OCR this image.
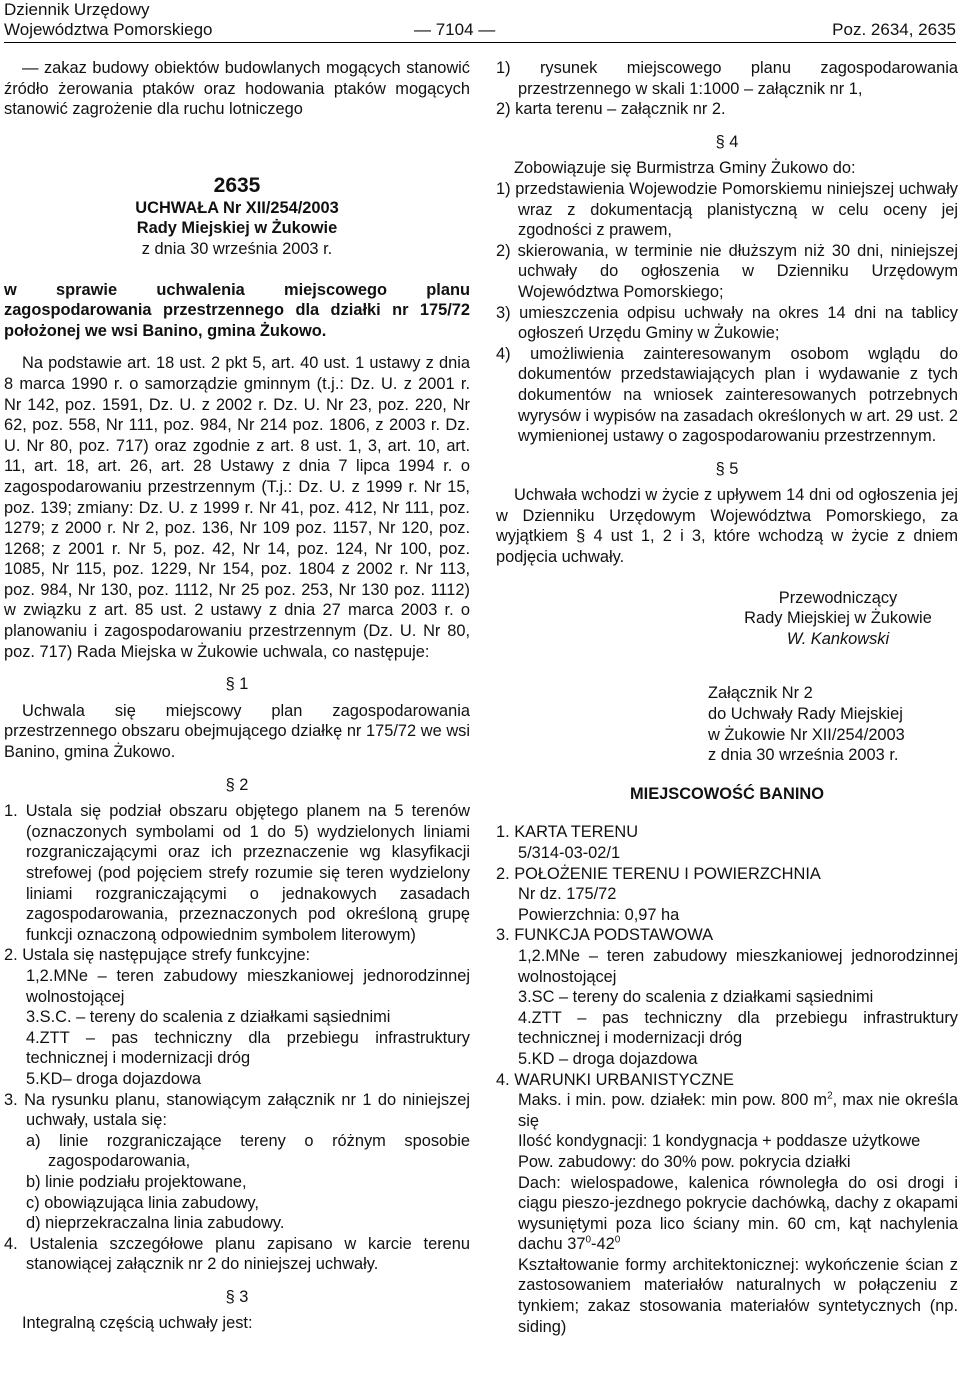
Dziennik Urzędowy
Województwa Pomorskiego	— 7104 —	Poz. 2634, 2635

— zakaz budowy obiektów budowlanych mogących stanowić źródło żerowania ptaków oraz hodowania ptaków mogących stanowić zagrożenie dla ruchu lotniczego

2635

UCHWAŁA Nr XII/254/2003

Rady Miejskiej w Żukowie

z dnia 30 września 2003 r.

w sprawie uchwalenia miejscowego planu zagospodarowania przestrzennego dla działki nr 175/72 położonej we wsi Banino, gmina Żukowo.

Na podstawie art. 18 ust. 2 pkt 5, art. 40 ust. 1 ustawy z dnia 8 marca 1990 r. o samorządzie gminnym (t.j.: Dz. U. z 2001 r. Nr 142, poz. 1591, Dz. U. z 2002 r. Dz. U. Nr 23, poz. 220, Nr 62, poz. 558, Nr 111, poz. 984, Nr 214 poz. 1806, z 2003 r. Dz. U. Nr 80, poz. 717) oraz zgodnie z art. 8 ust. 1, 3, art. 10, art. 11, art. 18, art. 26, art. 28 Ustawy z dnia 7 lipca 1994 r. o zagospodarowaniu przestrzennym (T.j.: Dz. U. z 1999 r. Nr 15, poz. 139; zmiany: Dz. U. z 1999 r. Nr 41, poz. 412, Nr 111, poz. 1279; z 2000 r. Nr 2, poz. 136, Nr 109 poz. 1157, Nr 120, poz. 1268; z 2001 r. Nr 5, poz. 42, Nr 14, poz. 124, Nr 100, poz. 1085, Nr 115, poz. 1229, Nr 154, poz. 1804 z 2002 r. Nr 113, poz. 984, Nr 130, poz. 1112, Nr 25 poz. 253, Nr 130 poz. 1112) w związku z art. 85 ust. 2 ustawy z dnia 27 marca 2003 r. o planowaniu i zagospodarowaniu przestrzennym (Dz. U. Nr 80, poz. 717) Rada Miejska w Żukowie uchwala, co następuje:

§ 1

Uchwala się miejscowy plan zagospodarowania przestrzennego obszaru obejmującego działkę nr 175/72 we wsi Banino, gmina Żukowo.

§ 2

1. Ustala się podział obszaru objętego planem na 5 terenów (oznaczonych symbolami od 1 do 5) wydzielonych liniami rozgraniczającymi oraz ich przeznaczenie wg klasyfikacji strefowej (pod pojęciem strefy rozumie się teren wydzielony liniami rozgraniczającymi o jednakowych zasadach zagospodarowania, przeznaczonych pod określoną grupę funkcji oznaczoną odpowiednim symbolem literowym)

2. Ustala się następujące strefy funkcyjne:

1,2.MNe – teren zabudowy mieszkaniowej jednorodzinnej wolnostojącej

3.S.C. – tereny do scalenia z działkami sąsiednimi

4.ZTT – pas techniczny dla przebiegu infrastruktury technicznej i modernizacji dróg

5.KD– droga dojazdowa

3. Na rysunku planu, stanowiącym załącznik nr 1 do niniejszej uchwały, ustala się:

a) linie rozgraniczające tereny o różnym sposobie zagospodarowania,

b) linie podziału projektowane,

c) obowiązująca linia zabudowy,

d) nieprzekraczalna linia zabudowy.

4. Ustalenia szczegółowe planu zapisano w karcie terenu stanowiącej załącznik nr 2 do niniejszej uchwały.

§ 3

Integralną częścią uchwały jest:

1) rysunek miejscowego planu zagospodarowania przestrzennego w skali 1:1000 – załącznik nr 1,

2) karta terenu – załącznik nr 2.

§ 4

Zobowiązuje się Burmistrza Gminy Żukowo do:

1) przedstawienia Wojewodzie Pomorskiemu niniejszej uchwały wraz z dokumentacją planistyczną w celu oceny jej zgodności z prawem,

2) skierowania, w terminie nie dłuższym niż 30 dni, niniejszej uchwały do ogłoszenia w Dzienniku Urzędowym Województwa Pomorskiego;

3) umieszczenia odpisu uchwały na okres 14 dni na tablicy ogłoszeń Urzędu Gminy w Żukowie;

4) umożliwienia zainteresowanym osobom wglądu do dokumentów przedstawiających plan i wydawanie z tych dokumentów na wniosek zainteresowanych potrzebnych wyrysów i wypisów na zasadach określonych w art. 29 ust. 2 wymienionej ustawy o zagospodarowaniu przestrzennym.

§ 5

Uchwała wchodzi w życie z upływem 14 dni od ogłoszenia jej w Dzienniku Urzędowym Województwa Pomorskiego, za wyjątkiem § 4 ust 1, 2 i 3, które wchodzą w życie z dniem podjęcia uchwały.

Przewodniczący

Rady Miejskiej w Żukowie

W. Kankowski

Załącznik Nr 2

do Uchwały Rady Miejskiej

w Żukowie Nr XII/254/2003

z dnia 30 września 2003 r.

MIEJSCOWOŚĆ BANINO

1. KARTA TERENU

5/314-03-02/1

2. POŁOŻENIE TERENU I POWIERZCHNIA

Nr dz. 175/72

Powierzchnia: 0,97 ha

3. FUNKCJA PODSTAWOWA

1,2.MNe – teren zabudowy mieszkaniowej jednorodzinnej wolnostojącej

3.SC – tereny do scalenia z działkami sąsiednimi

4.ZTT – pas techniczny dla przebiegu infrastruktury technicznej i modernizacji dróg

5.KD – droga dojazdowa

4. WARUNKI URBANISTYCZNE

Maks. i min. pow. działek: min pow. 800 $m^2$, max nie określa się

Ilość kondygnacji: 1 kondygnacja + poddasze użytkowe

Pow. zabudowy: do 30% pow. pokrycia działki

Dach: wielospadowe, kalenica równoległa do osi drogi i ciągu pieszo-jezdnego pokrycie dachówką, dachy z okapami wysuniętymi poza lico ściany min. 60 cm, kąt nachylenia dachu $37^0-42^0$

Kształtowanie formy architektonicznej: wykończenie ścian z zastosowaniem materiałów naturalnych w połączeniu z tynkiem; zakaz stosowania materiałów syntetycznych (np. siding)
